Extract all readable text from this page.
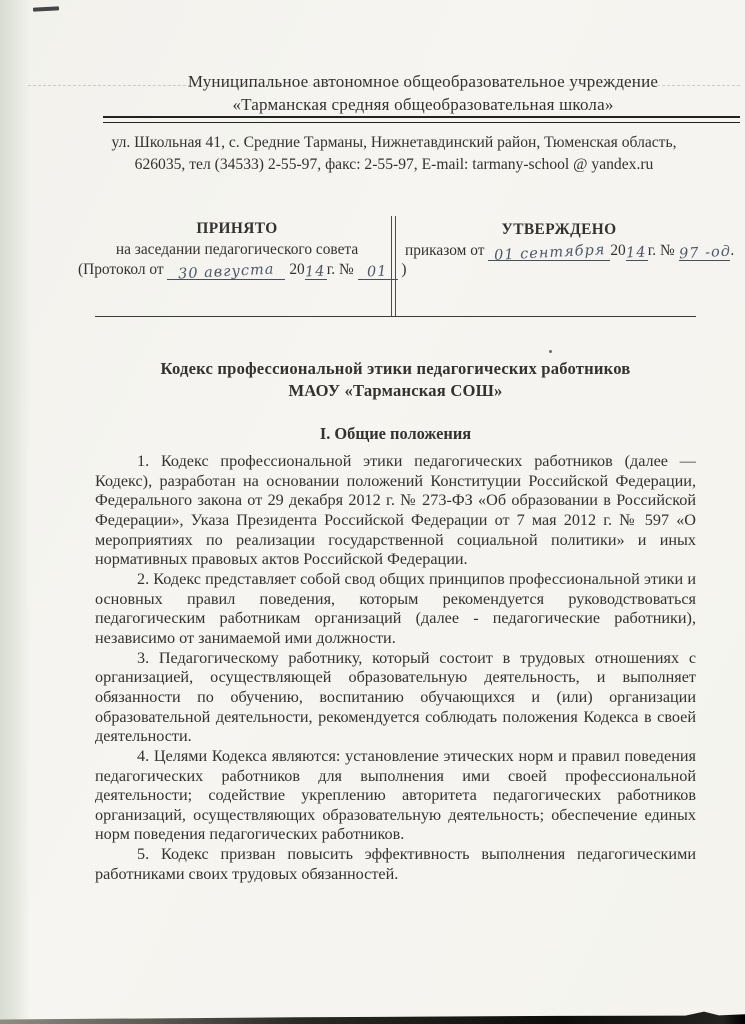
Муниципальное автономное общеобразовательное учреждение
«Тарманская средняя общеобразовательная школа»
ул. Школьная 41, с. Средние Тарманы, Нижнетавдинский район, Тюменская область,
626035, тел (34533) 2-55-97, факс: 2-55-97, E-mail: tarmany-school @ yandex.ru
ПРИНЯТО
на заседании педагогического совета
(Протокол от 30 августа 2014г. № 01 )
УТВЕРЖДЕНО
приказом от 01 сентября 2014г. № 97 -од.
Кодекс профессиональной этики педагогических работников
МАОУ «Тарманская СОШ»
I. Общие положения

1. Кодекс профессиональной этики педагогических работников (далее — Кодекс), разработан на основании положений Конституции Российской Федерации, Федерального закона от 29 декабря 2012 г. № 273-ФЗ «Об образовании в Российской Федерации», Указа Президента Российской Федерации от 7 мая 2012 г. № 597 «О мероприятиях по реализации государственной социальной политики» и иных нормативных правовых актов Российской Федерации.

2. Кодекс представляет собой свод общих принципов профессиональной этики и основных правил поведения, которым рекомендуется руководствоваться педагогическим работникам организаций (далее - педагогические работники), независимо от занимаемой ими должности.

3. Педагогическому работнику, который состоит в трудовых отношениях с организацией, осуществляющей образовательную деятельность, и выполняет обязанности по обучению, воспитанию обучающихся и (или) организации образовательной деятельности, рекомендуется соблюдать положения Кодекса в своей деятельности.

4. Целями Кодекса являются: установление этических норм и правил поведения педагогических работников для выполнения ими своей профессиональной деятельности; содействие укреплению авторитета педагогических работников организаций, осуществляющих образовательную деятельность; обеспечение единых норм поведения педагогических работников.

5. Кодекс призван повысить эффективность выполнения педагогическими работниками своих трудовых обязанностей.
